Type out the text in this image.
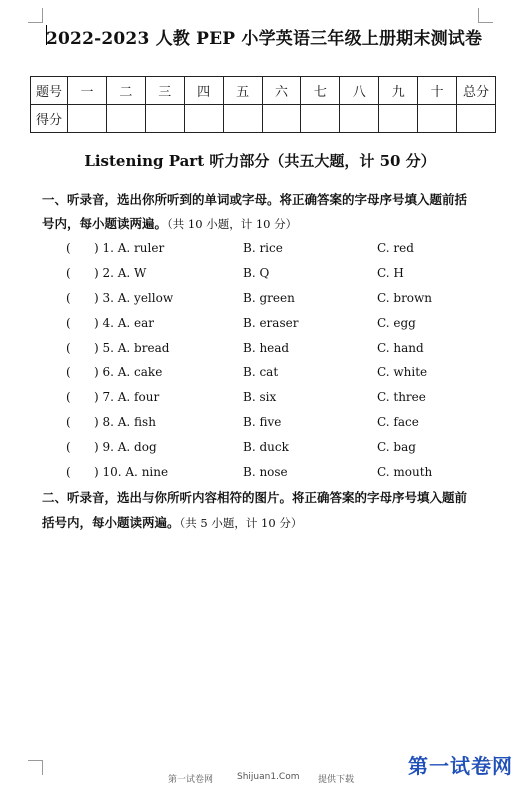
2022-2023 人教 PEP 小学英语三年级上册期末测试卷
题号	一	二	三	四	五	六	七	八	九	十	总分
得分											
Listening Part 听力部分（共五大题，计 50 分）
一、听录音，选出你所听到的单词或字母。将正确答案的字母序号填入题前括
号内，每小题读两遍。（共 10 小题，计 10 分）
( ) 1. A. ruler	B. rice	C. red
( ) 2. A. W	B. Q	C. H
( ) 3. A. yellow	B. green	C. brown
( ) 4. A. ear	B. eraser	C. egg
( ) 5. A. bread	B. head	C. hand
( ) 6. A. cake	B. cat	C. white
( ) 7. A. four	B. six	C. three
( ) 8. A. fish	B. five	C. face
( ) 9. A. dog	B. duck	C. bag
( ) 10. A. nine	B. nose	C. mouth
二、听录音，选出与你所听内容相符的图片。将正确答案的字母序号填入题前
括号内，每小题读两遍。（共 5 小题，计 10 分）
第一试卷网	Shijuan1.Com 提供下载
第一试卷网
